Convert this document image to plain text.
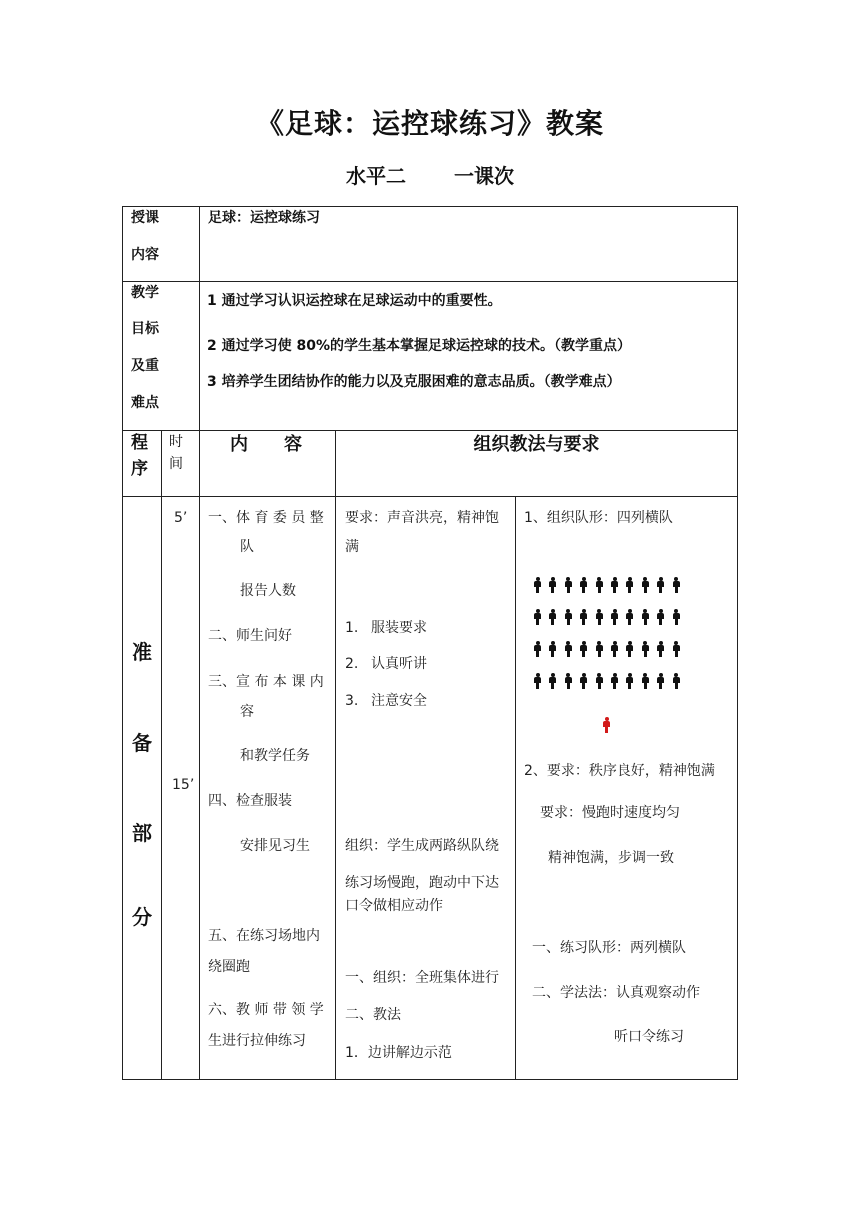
《足球：运控球练习》教案
水平二 一课次
授课
内容
足球：运控球练习
教学
目标
及重
难点
1 通过学习认识运控球在足球运动中的重要性。
2 通过学习使 80%的学生基本掌握足球运控球的技术。（教学重点）
3 培养学生团结协作的能力以及克服困难的意志品质。（教学难点）
程
序
时
间
内　　容	组织教法与要求
准
备
部
分
5’
15’
一、体 育 委 员 整
队
报告人数
二、师生问好
三、宣 布 本 课 内
容
和教学任务
四、检查服装
安排见习生
五、在练习场地内
绕圈跑
六、教 师 带 领 学
生进行拉伸练习
要求：声音洪亮，精神饱
满
1. 服装要求
2. 认真听讲
3. 注意安全
组织：学生成两路纵队绕
练习场慢跑，跑动中下达
口令做相应动作
一、组织：全班集体进行
二、教法
1．边讲解边示范
1、组织队形：四列横队
2、要求：秩序良好，精神饱满
要求：慢跑时速度均匀
精神饱满，步调一致
一、练习队形：两列横队
二、学法法：认真观察动作
听口令练习
